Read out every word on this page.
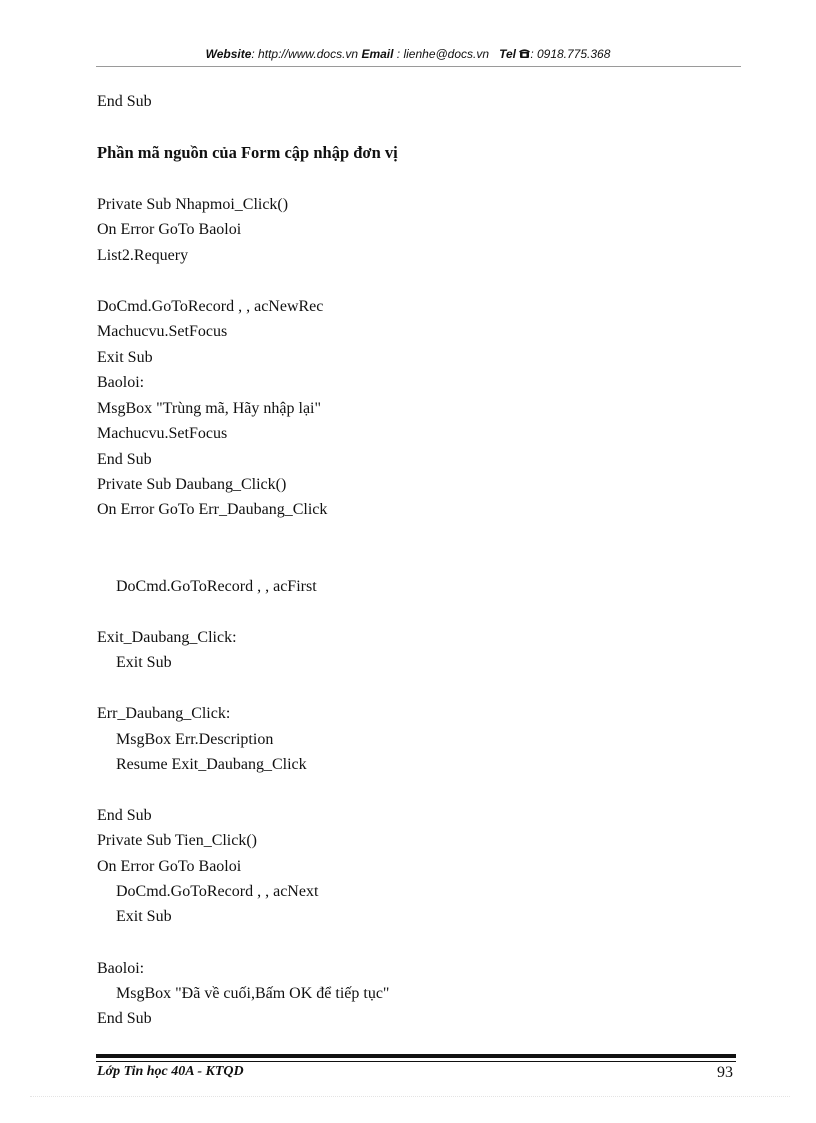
Website: http://www.docs.vn Email : lienhe@docs.vn Tel : 0918.775.368
End Sub
Phần mã nguồn của Form cập nhập đơn vị
Private Sub Nhapmoi_Click()
On Error GoTo Baoloi
List2.Requery
DoCmd.GoToRecord , , acNewRec
Machucvu.SetFocus
Exit Sub
Baoloi:
MsgBox "Trùng mã, Hãy nhập lại"
Machucvu.SetFocus
End Sub
Private Sub Daubang_Click()
On Error GoTo Err_Daubang_Click
DoCmd.GoToRecord , , acFirst
Exit_Daubang_Click:
Exit Sub
Err_Daubang_Click:
MsgBox Err.Description
Resume Exit_Daubang_Click
End Sub
Private Sub Tien_Click()
On Error GoTo Baoloi
DoCmd.GoToRecord , , acNext
Exit Sub
Baoloi:
MsgBox "Đã về cuối,Bấm OK để tiếp tục"
End Sub
Lớp Tin học 40A - KTQD	93
